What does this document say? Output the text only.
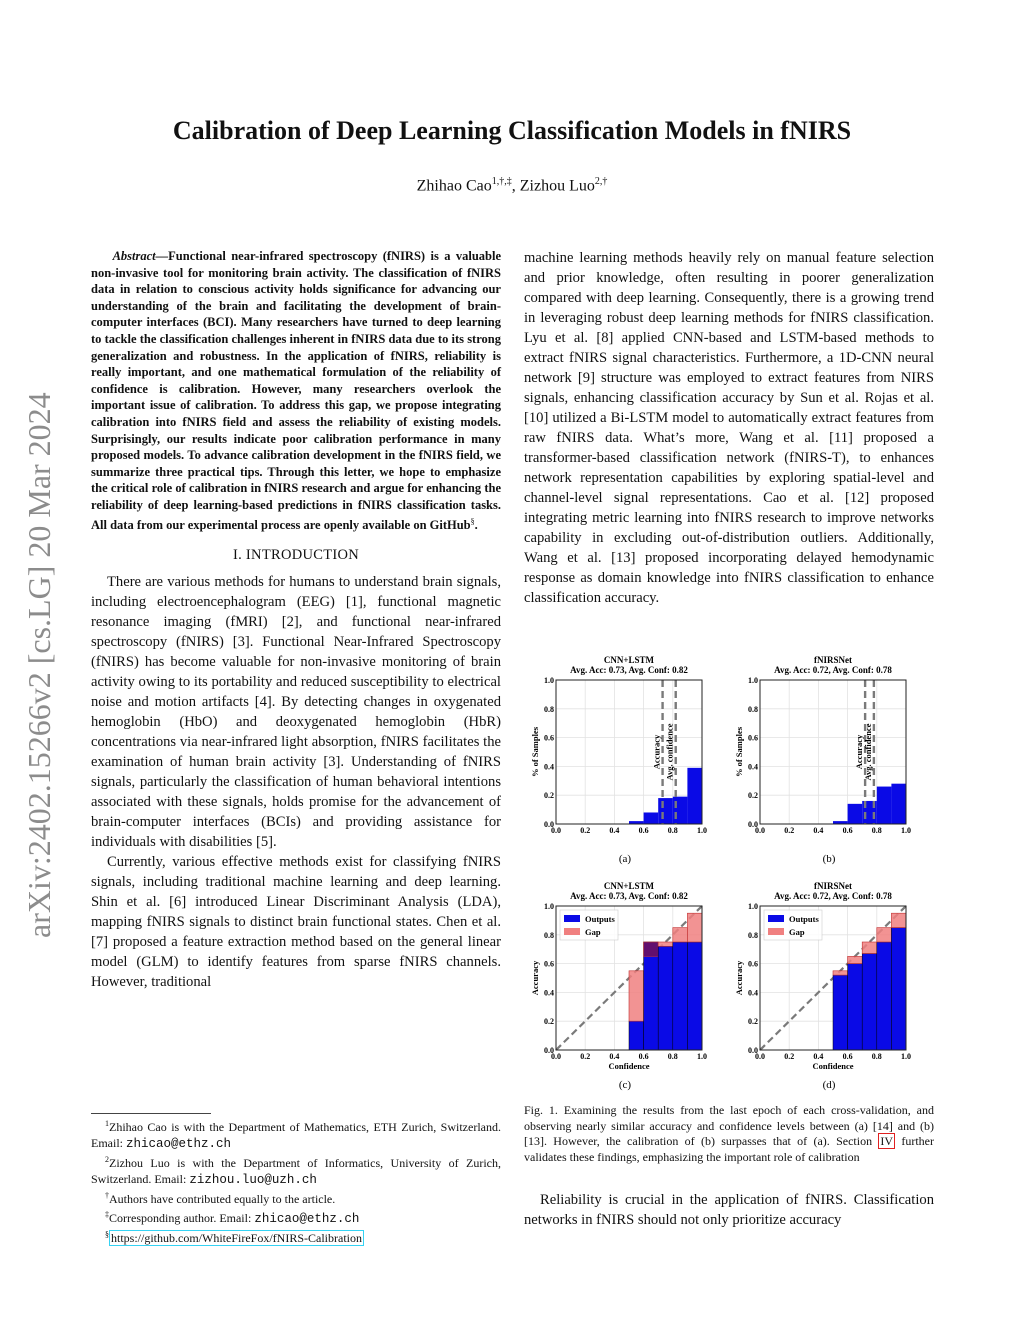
arXiv:2402.15266v2 [cs.LG] 20 Mar 2024
Calibration of Deep Learning Classification Models in fNIRS
Zhihao Cao$^{1,\dagger,\ddagger}$, Zizhou Luo$^{2,\dagger}$
Abstract—Functional near-infrared spectroscopy (fNIRS) is a valuable non-invasive tool for monitoring brain activity. The classification of fNIRS data in relation to conscious activity holds significance for advancing our understanding of the brain and facilitating the development of brain-computer interfaces (BCI). Many researchers have turned to deep learning to tackle the classification challenges inherent in fNIRS data due to its strong generalization and robustness. In the application of fNIRS, reliability is really important, and one mathematical formulation of the reliability of confidence is calibration. However, many researchers overlook the important issue of calibration. To address this gap, we propose integrating calibration into fNIRS field and assess the reliability of existing models. Surprisingly, our results indicate poor calibration performance in many proposed models. To advance calibration development in the fNIRS field, we summarize three practical tips. Through this letter, we hope to emphasize the critical role of calibration in fNIRS research and argue for enhancing the reliability of deep learning-based predictions in fNIRS classification tasks. All data from our experimental process are openly available on GitHub§.
I. INTRODUCTION

There are various methods for humans to understand brain signals, including electroencephalogram (EEG) [1], functional magnetic resonance imaging (fMRI) [2], and functional near-infrared spectroscopy (fNIRS) [3]. Functional Near-Infrared Spectroscopy (fNIRS) has become valuable for non-invasive monitoring of brain activity owing to its portability and reduced susceptibility to electrical noise and motion artifacts [4]. By detecting changes in oxygenated hemoglobin (HbO) and deoxygenated hemoglobin (HbR) concentrations via near-infrared light absorption, fNIRS facilitates the examination of human brain activity [3]. Understanding of fNIRS signals, particularly the classification of human behavioral intentions associated with these signals, holds promise for the advancement of brain-computer interfaces (BCIs) and providing assistance for individuals with disabilities [5].

Currently, various effective methods exist for classifying fNIRS signals, including traditional machine learning and deep learning. Shin et al. [6] introduced Linear Discriminant Analysis (LDA), mapping fNIRS signals to distinct brain functional states. Chen et al. [7] proposed a feature extraction method based on the general linear model (GLM) to identify features from sparse fNIRS channels. However, traditional

$^1$Zhihao Cao is with the Department of Mathematics, ETH Zurich, Switzerland. Email: zhicao@ethz.ch
$^2$Zizhou Luo is with the Department of Informatics, University of Zurich, Switzerland. Email: zizhou.luo@uzh.ch
†Authors have contributed equally to the article.
‡Corresponding author. Email: zhicao@ethz.ch
§ https://github.com/WhiteFireFox/fNIRS-Calibration

machine learning methods heavily rely on manual feature selection and prior knowledge, often resulting in poorer generalization compared with deep learning. Consequently, there is a growing trend in leveraging robust deep learning methods for fNIRS classification. Lyu et al. [8] applied CNN-based and LSTM-based methods to extract fNIRS signal characteristics. Furthermore, a 1D-CNN neural network [9] structure was employed to extract features from NIRS signals, enhancing classification accuracy by Sun et al. Rojas et al. [10] utilized a Bi-LSTM model to automatically extract features from raw fNIRS data. What’s more, Wang et al. [11] proposed a transformer-based classification network (fNIRS-T), to enhances network representation capabilities by exploring spatial-level and channel-level signal representations. Cao et al. [12] proposed integrating metric learning into fNIRS research to improve networks capability in excluding out-of-distribution outliers. Additionally, Wang et al. [13] proposed incorporating delayed hemodynamic response as domain knowledge into fNIRS classification to enhance classification accuracy.

CNN+LSTM
Avg. Acc: 0.73, Avg. Conf: 0.82
Accuracy Avg. confidence
0.0 0.2 0.4 0.6 0.8 1.0
0.0
0.2
0.4
0.6
0.8
1.0
% of Samples
(a)
fNIRSNet
Avg. Acc: 0.72, Avg. Conf: 0.78
Accuracy
Avg. confidence
0.0 0.2 0.4 0.6 0.8 1.0
0.0
0.2
0.4
0.6
0.8
1.0
% of Samples
(b)
CNN+LSTM
Avg. Acc: 0.73, Avg. Conf: 0.82
Outputs
Gap
0.0 0.2 0.4 0.6 0.8 1.0
0.0
0.2
0.4
0.6
0.8
1.0
Accuracy
Confidence
(c)
fNIRSNet
Avg. Acc: 0.72, Avg. Conf: 0.78
Outputs
Gap
0.0 0.2 0.4 0.6 0.8 1.0
0.0
0.2
0.4
0.6
0.8
1.0
Accuracy
Confidence
(d)
Fig. 1. Examining the results from the last epoch of each cross-validation, and observing nearly similar accuracy and confidence levels between (a) [14] and (b) [13]. However, the calibration of (b) surpasses that of (a). Section IV further validates these findings, emphasizing the important role of calibration

Reliability is crucial in the application of fNIRS. Classification networks in fNIRS should not only prioritize accuracy
